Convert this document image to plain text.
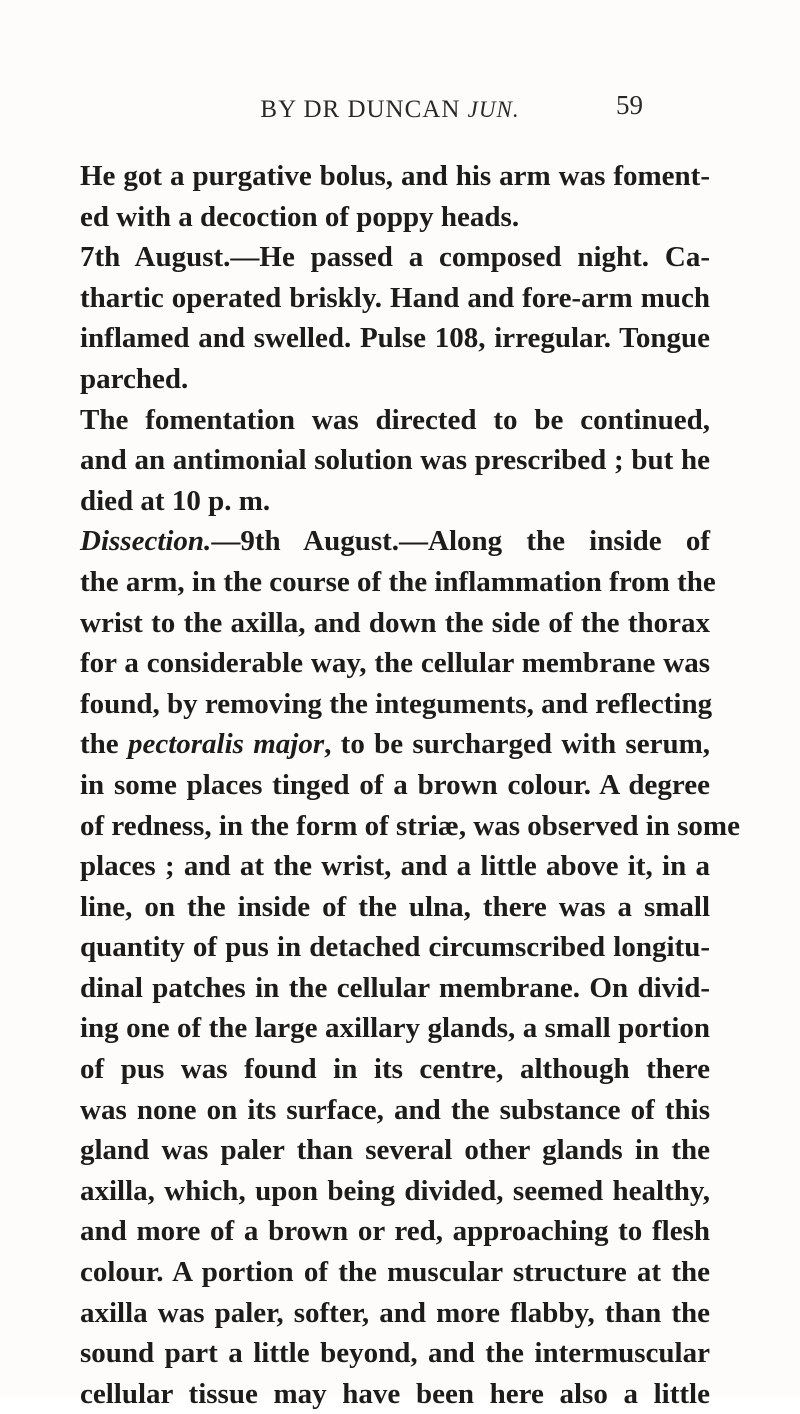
BY DR DUNCAN JUN.	59
He got a purgative bolus, and his arm was foment-
ed with a decoction of poppy heads.
7th August.—He passed a composed night. Ca-
thartic operated briskly. Hand and fore-arm much
inflamed and swelled. Pulse 108, irregular. Tongue
parched.
The fomentation was directed to be continued,
and an antimonial solution was prescribed ; but he
died at 10 p. m.
Dissection.—9th August.—Along the inside of
the arm, in the course of the inflammation from the
wrist to the axilla, and down the side of the thorax
for a considerable way, the cellular membrane was
found, by removing the integuments, and reflecting
the pectoralis major, to be surcharged with serum,
in some places tinged of a brown colour. A degree
of redness, in the form of striæ, was observed in some
places ; and at the wrist, and a little above it, in a
line, on the inside of the ulna, there was a small
quantity of pus in detached circumscribed longitu-
dinal patches in the cellular membrane. On divid-
ing one of the large axillary glands, a small portion
of pus was found in its centre, although there
was none on its surface, and the substance of this
gland was paler than several other glands in the
axilla, which, upon being divided, seemed healthy,
and more of a brown or red, approaching to flesh
colour. A portion of the muscular structure at the
axilla was paler, softer, and more flabby, than the
sound part a little beyond, and the intermuscular
cellular tissue may have been here also a little
